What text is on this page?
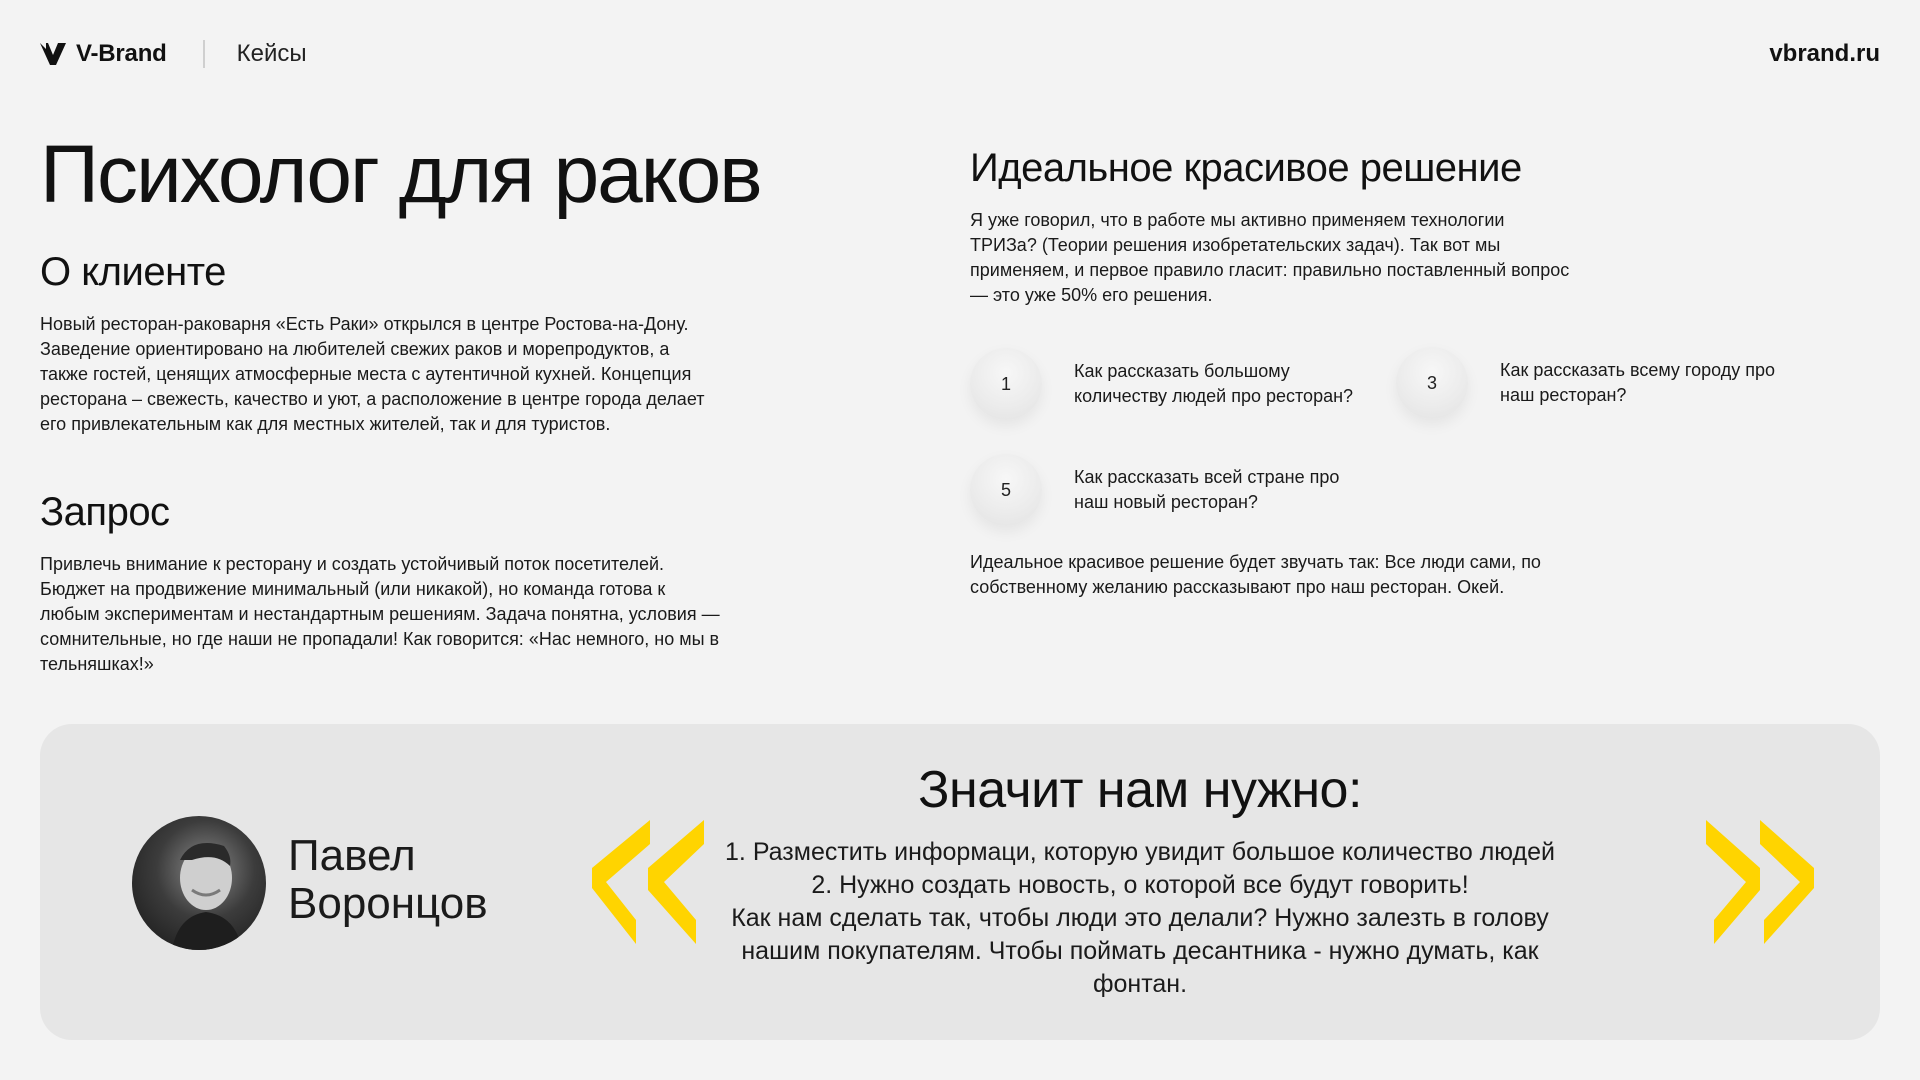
V-Brand	Кейсы	vbrand.ru
Психолог для раков
О клиенте

Новый ресторан-раковарня «Есть Раки» открылся в центре Ростова-на-Дону. Заведение ориентировано на любителей свежих раков и морепродуктов, а также гостей, ценящих атмосферные места с аутентичной кухней. Концепция ресторана – свежесть, качество и уют, а расположение в центре города делает его привлекательным как для местных жителей, так и для туристов.

Запрос

Привлечь внимание к ресторану и создать устойчивый поток посетителей. Бюджет на продвижение минимальный (или никакой), но команда готова к любым экспериментам и нестандартным решениям. Задача понятна, условия — сомнительные, но где наши не пропадали! Как говорится: «Нас немного, но мы в тельняшках!»

Идеальное красивое решение

Я уже говорил, что в работе мы активно применяем технологии ТРИЗа? (Теории решения изобретательских задач). Так вот мы применяем, и первое правило гласит: правильно поставленный вопрос — это уже 50% его решения.

1
Как рассказать большому количеству людей про ресторан?
3
Как рассказать всему городу про наш ресторан?
5
Как рассказать всей стране про наш новый ресторан?

Идеальное красивое решение будет звучать так: Все люди сами, по собственному желанию рассказывают про наш ресторан. Окей.

Павел Воронцов
Значит нам нужно:
1. Разместить информаци, которую увидит большое количество людей
2. Нужно создать новость, о которой все будут говорить!
Как нам сделать так, чтобы люди это делали? Нужно залезть в голову нашим покупателям. Чтобы поймать десантника - нужно думать, как фонтан.
